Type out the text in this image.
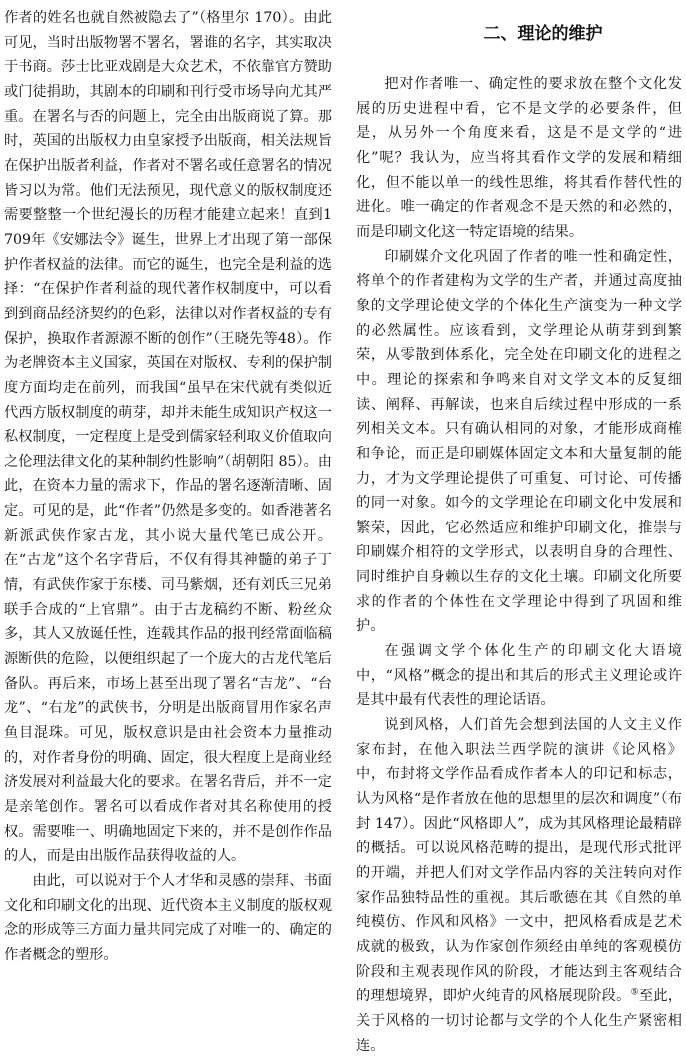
作者的姓名也就自然被隐去了”（格里尔 170）。由此可见，当时出版物署不署名，署谁的名字，其实取决于书商。莎士比亚戏剧是大众艺术，不依靠官方赞助或门徒捐助，其剧本的印刷和刊行受市场导向尤其严重。在署名与否的问题上，完全由出版商说了算。那时，英国的出版权力由皇家授予出版商，相关法规旨在保护出版者利益，作者对不署名或任意署名的情况皆习以为常。他们无法预见，现代意义的版权制度还需要整整一个世纪漫长的历程才能建立起来！直到1709年《安娜法令》诞生，世界上才出现了第一部保护作者权益的法律。而它的诞生，也完全是利益的选择：“在保护作者利益的现代著作权制度中，可以看到到商品经济契约的色彩，法律以对作者权益的专有保护，换取作者源源不断的创作”（王晓先等48）。作为老牌资本主义国家，英国在对版权、专利的保护制度方面均走在前列，而我国“虽早在宋代就有类似近代西方版权制度的萌芽，却并未能生成知识产权这一私权制度，一定程度上是受到儒家轻利取义价值取向之伦理法律文化的某种制约性影响”（胡朝阳 85）。由此，在资本力量的需求下，作品的署名逐渐清晰、固定。可见的是，此“作者”仍然是多变的。如香港著名新派武侠作家古龙，其小说大量代笔已成公开。在“古龙”这个名字背后，不仅有得其神髓的弟子丁情，有武侠作家于东楼、司马紫烟，还有刘氏三兄弟联手合成的“上官鼎”。由于古龙稿约不断、粉丝众多，其人又放诞任性，连载其作品的报刊经常面临稿源断供的危险，以便组织起了一个庞大的古龙代笔后备队。再后来，市场上甚至出现了署名“吉龙”、“台龙”、“右龙”的武侠书，分明是出版商冒用作家名声鱼目混珠。可见，版权意识是由社会资本力量推动的，对作者身份的明确、固定，很大程度上是商业经济发展对利益最大化的要求。在署名背后，并不一定是亲笔创作。署名可以看成作者对其名称使用的授权。需要唯一、明确地固定下来的，并不是创作作品的人，而是由出版作品获得收益的人。

由此，可以说对于个人才华和灵感的崇拜、书面文化和印刷文化的出现、近代资本主义制度的版权观念的形成等三方面力量共同完成了对唯一的、确定的作者概念的塑形。

二、理论的维护

把对作者唯一、确定性的要求放在整个文化发展的历史进程中看，它不是文学的必要条件，但是，从另外一个角度来看，这是不是文学的“进化”呢？我认为，应当将其看作文学的发展和精细化，但不能以单一的线性思维，将其看作替代性的进化。唯一确定的作者观念不是天然的和必然的，而是印刷文化这一特定语境的结果。

印刷媒介文化巩固了作者的唯一性和确定性，将单个的作者建构为文学的生产者，并通过高度抽象的文学理论使文学的个体化生产演变为一种文学的必然属性。应该看到，文学理论从萌芽到到繁荣，从零散到体系化，完全处在印刷文化的进程之中。理论的探索和争鸣来自对文学文本的反复细读、阐释、再解读，也来自后续过程中形成的一系列相关文本。只有确认相同的对象，才能形成商榷和争论，而正是印刷媒体固定文本和大量复制的能力，才为文学理论提供了可重复、可讨论、可传播的同一对象。如今的文学理论在印刷文化中发展和繁荣，因此，它必然适应和维护印刷文化，推崇与印刷媒介相符的文学形式，以表明自身的合理性、同时维护自身赖以生存的文化土壤。印刷文化所要求的作者的个体性在文学理论中得到了巩固和维护。

在强调文学个体化生产的印刷文化大语境中，“风格”概念的提出和其后的形式主义理论或许是其中最有代表性的理论话语。

说到风格，人们首先会想到法国的人文主义作家布封，在他入职法兰西学院的演讲《论风格》中，布封将文学作品看成作者本人的印记和标志，认为风格“是作者放在他的思想里的层次和调度”（布封 147）。因此“风格即人”，成为其风格理论最精辟的概括。可以说风格范畴的提出，是现代形式批评的开端，并把人们对文学作品内容的关注转向对作家作品独特品性的重视。其后歌德在其《自然的单纯模仿、作风和风格》一文中，把风格看成是艺术成就的极致，认为作家创作须经由单纯的客观模仿阶段和主观表现作风的阶段，才能达到主客观结合的理想境界，即炉火纯青的风格展现阶段。⑤至此，关于风格的一切讨论都与文学的个人化生产紧密相连。
